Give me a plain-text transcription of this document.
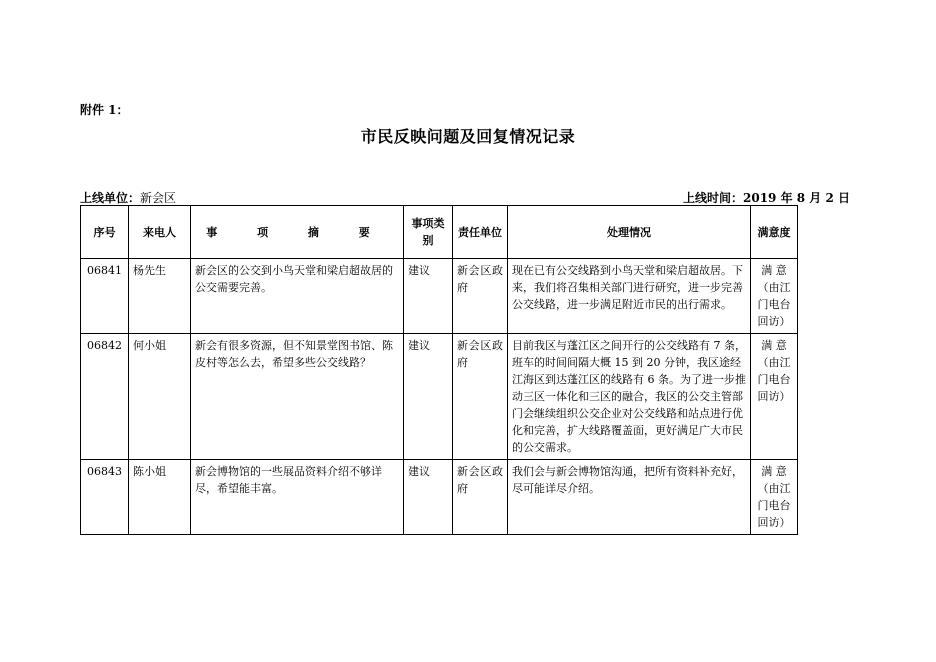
附件 1：
市民反映问题及回复情况记录
上线单位：新会区	上线时间：2019 年 8 月 2 日
序号	来电人	事 项 摘 要	事项类别	责任单位	处理情况	满意度
06841	杨先生	新会区的公交到小鸟天堂和梁启超故居的公交需要完善。	建议	新会区政府	现在已有公交线路到小鸟天堂和梁启超故居。下来，我们将召集相关部门进行研究，进一步完善公交线路，进一步满足附近市民的出行需求。	满 意（由江门电台回访）
06842	何小姐	新会有很多资源，但不知景堂图书馆、陈皮村等怎么去，希望多些公交线路？	建议	新会区政府	目前我区与蓬江区之间开行的公交线路有 7 条，班车的时间间隔大概 15 到 20 分钟，我区途经江海区到达蓬江区的线路有 6 条。为了进一步推动三区一体化和三区的融合，我区的公交主管部门会继续组织公交企业对公交线路和站点进行优化和完善，扩大线路覆盖面，更好满足广大市民的公交需求。	满 意（由江门电台回访）
06843	陈小姐	新会博物馆的一些展品资料介绍不够详尽，希望能丰富。	建议	新会区政府	我们会与新会博物馆沟通，把所有资料补充好，尽可能详尽介绍。	满 意（由江门电台回访）
